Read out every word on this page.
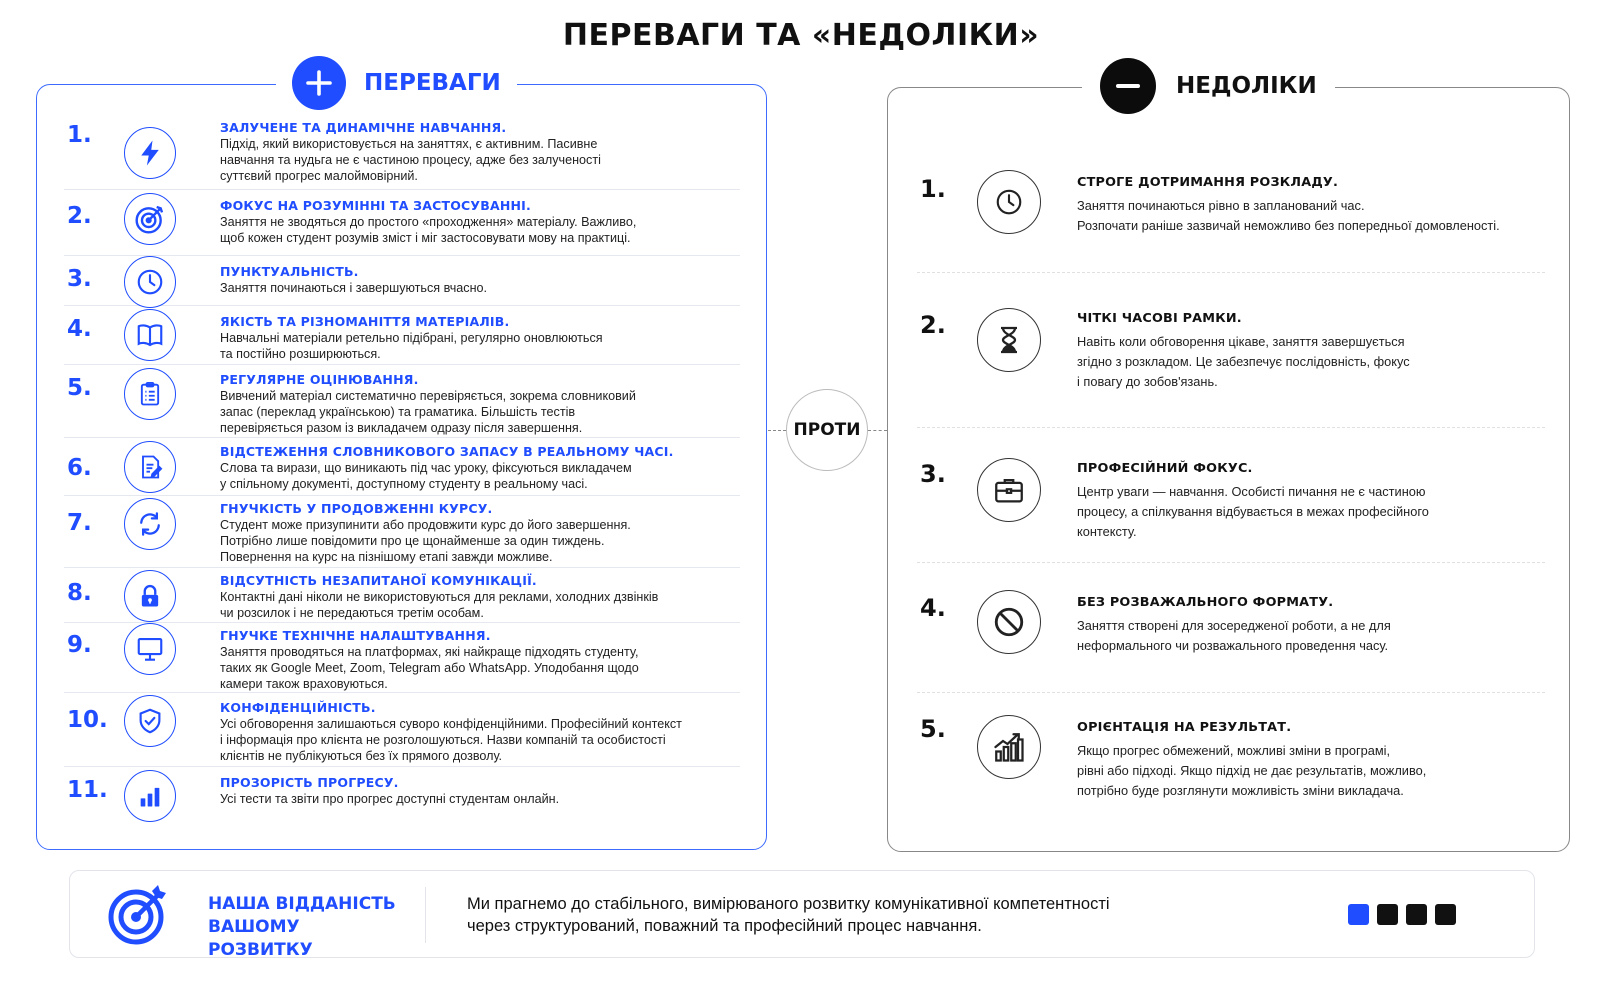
ПЕРЕВАГИ ТА «НЕДОЛІКИ»
ПЕРЕВАГИ
1.	ЗАЛУЧЕНЕ ТА ДИНАМІЧНЕ НАВЧАННЯ.
Підхід, який використовується на заняттях, є активним. Пасивне
навчання та нудьга не є частиною процесу, адже без залученості
суттєвий прогрес малоймовірний.
2.	ФОКУС НА РОЗУМІННІ ТА ЗАСТОСУВАННІ.
Заняття не зводяться до простого «проходження» матеріалу. Важливо,
щоб кожен студент розумів зміст і міг застосовувати мову на практиці.
3.	ПУНКТУАЛЬНІСТЬ.
Заняття починаються і завершуються вчасно.
4.	ЯКІСТЬ ТА РІЗНОМАНІТТЯ МАТЕРІАЛІВ.
Навчальні матеріали ретельно підібрані, регулярно оновлюються
та постійно розширюються.
5.	РЕГУЛЯРНЕ ОЦІНЮВАННЯ.
Вивчений матеріал систематично перевіряється, зокрема словниковий
запас (переклад українською) та граматика. Більшість тестів
перевіряється разом із викладачем одразу після завершення.
6.
ВІДСТЕЖЕННЯ СЛОВНИКОВОГО ЗАПАСУ В РЕАЛЬНОМУ ЧАСІ.
Слова та вирази, що виникають під час уроку, фіксуються викладачем
у спільному документі, доступному студенту в реальному часі.
7.
ГНУЧКІСТЬ У ПРОДОВЖЕННІ КУРСУ.
Студент може призупинити або продовжити курс до його завершення.
Потрібно лише повідомити про це щонайменше за один тиждень.
Повернення на курс на пізнішому етапі завжди можливе.
8.	ВІДСУТНІСТЬ НЕЗАПИТАНОЇ КОМУНІКАЦІЇ.
Контактні дані ніколи не використовуються для реклами, холодних дзвінків
чи розсилок і не передаються третім особам.
9.	ГНУЧКЕ ТЕХНІЧНЕ НАЛАШТУВАННЯ.
Заняття проводяться на платформах, які найкраще підходять студенту,
таких як Google Meet, Zoom, Telegram або WhatsApp. Уподобання щодо
камери також враховуються.
10.	КОНФІДЕНЦІЙНІСТЬ.
Усі обговорення залишаються суворо конфіденційними. Професійний контекст
і інформація про клієнта не розголошуються. Назви компаній та особистості
клієнтів не публікуються без їх прямого дозволу.
11.	ПРОЗОРІСТЬ ПРОГРЕСУ.
Усі тести та звіти про прогрес доступні студентам онлайн.
ПРОТИ
НЕДОЛІКИ
1.	СТРОГЕ ДОТРИМАННЯ РОЗКЛАДУ.
Заняття починаються рівно в запланований час.
Розпочати раніше зазвичай неможливо без попередньої домовленості.
2.	ЧІТКІ ЧАСОВІ РАМКИ.
Навіть коли обговорення цікаве, заняття завершується
згідно з розкладом. Це забезпечує послідовність, фокус
і повагу до зобов'язань.
3.	ПРОФЕСІЙНИЙ ФОКУС.
Центр уваги — навчання. Особисті пичання не є частиною
процесу, а спілкування відбувається в межах професійного
контексту.
4.	БЕЗ РОЗВАЖАЛЬНОГО ФОРМАТУ.
Заняття створені для зосередженої роботи, а не для
неформального чи розважального проведення часу.
5.	ОРІЄНТАЦІЯ НА РЕЗУЛЬТАТ.
Якщо прогрес обмежений, можливі зміни в програмі,
рівні або підході. Якщо підхід не дає результатів, можливо,
потрібно буде розглянути можливість зміни викладача.
НАША ВІДДАНІСТЬ
ВАШОМУ РОЗВИТКУ
Ми прагнемо до стабільного, вимірюваного розвитку комунікативної компетентності
через структурований, поважний та професійний процес навчання.
